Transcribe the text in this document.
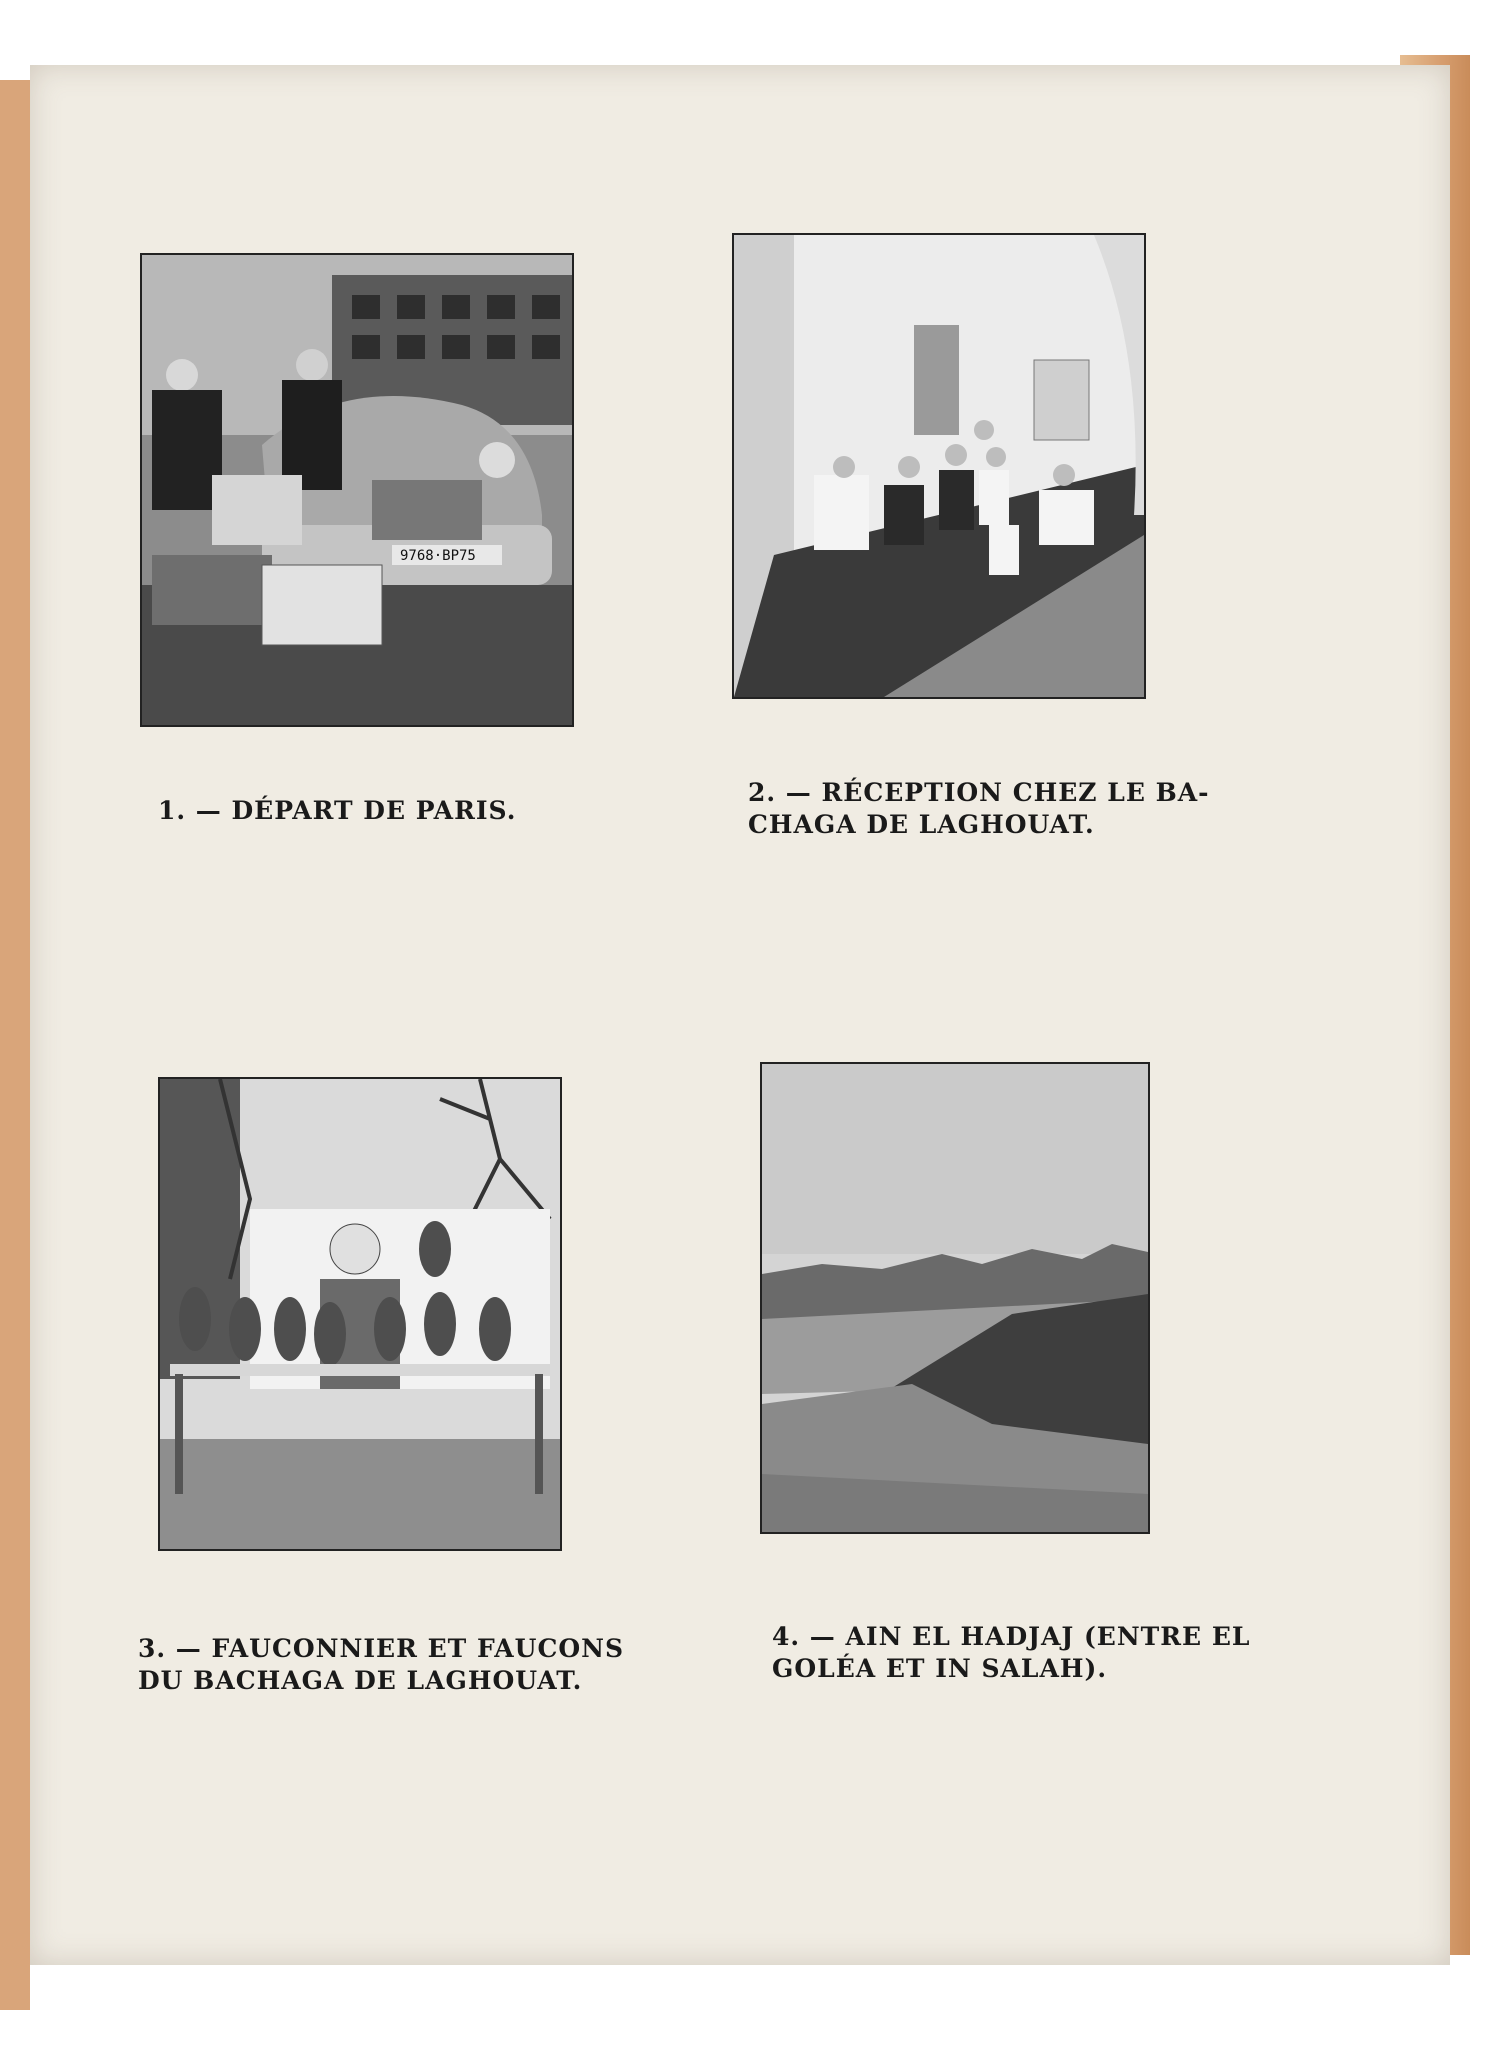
9768·BP75
1. — DÉPART DE PARIS.
2. — RÉCEPTION CHEZ LE BA-
CHAGA DE LAGHOUAT.
3. — FAUCONNIER ET FAUCONS
DU BACHAGA DE LAGHOUAT.
4. — AIN EL HADJAJ (ENTRE EL
GOLÉA ET IN SALAH).
